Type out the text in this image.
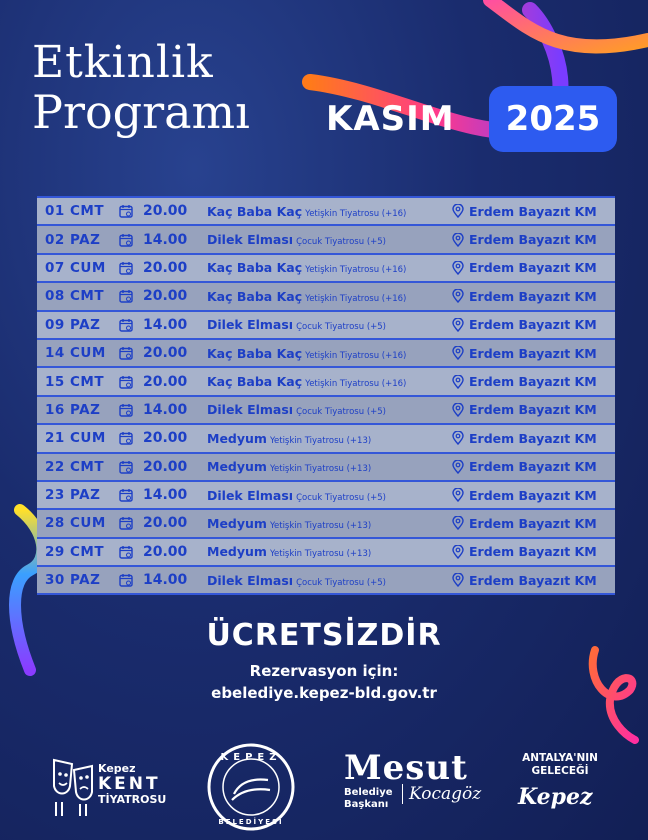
Etkinlik
Programı KASIM	2025
01 CMT	20.00	Kaç Baba Kaç Yetişkin Tiyatrosu (+16)	Erdem Bayazıt KM
02 PAZ	14.00	Dilek Elması Çocuk Tiyatrosu (+5)	Erdem Bayazıt KM
07 CUM	20.00	Kaç Baba Kaç Yetişkin Tiyatrosu (+16)	Erdem Bayazıt KM
08 CMT	20.00	Kaç Baba Kaç Yetişkin Tiyatrosu (+16)	Erdem Bayazıt KM
09 PAZ	14.00	Dilek Elması Çocuk Tiyatrosu (+5)	Erdem Bayazıt KM
14 CUM	20.00	Kaç Baba Kaç Yetişkin Tiyatrosu (+16)	Erdem Bayazıt KM
15 CMT	20.00	Kaç Baba Kaç Yetişkin Tiyatrosu (+16)	Erdem Bayazıt KM
16 PAZ	14.00	Dilek Elması Çocuk Tiyatrosu (+5)	Erdem Bayazıt KM
21 CUM	20.00	Medyum Yetişkin Tiyatrosu (+13)	Erdem Bayazıt KM
22 CMT	20.00	Medyum Yetişkin Tiyatrosu (+13)	Erdem Bayazıt KM
23 PAZ	14.00	Dilek Elması Çocuk Tiyatrosu (+5)	Erdem Bayazıt KM
28 CUM	20.00	Medyum Yetişkin Tiyatrosu (+13)	Erdem Bayazıt KM
29 CMT	20.00	Medyum Yetişkin Tiyatrosu (+13)	Erdem Bayazıt KM
30 PAZ	14.00	Dilek Elması Çocuk Tiyatrosu (+5)	Erdem Bayazıt KM
ÜCRETSİZDİR
Rezervasyon için:
ebelediye.kepez-bld.gov.tr
Kepez
KENT
TİYATROSU
KEPEZ
BELEDİYESİ
Mesut
Belediye
Başkanı
Kocagöz
ANTALYA'NIN
GELECEĞİ
Kepez
